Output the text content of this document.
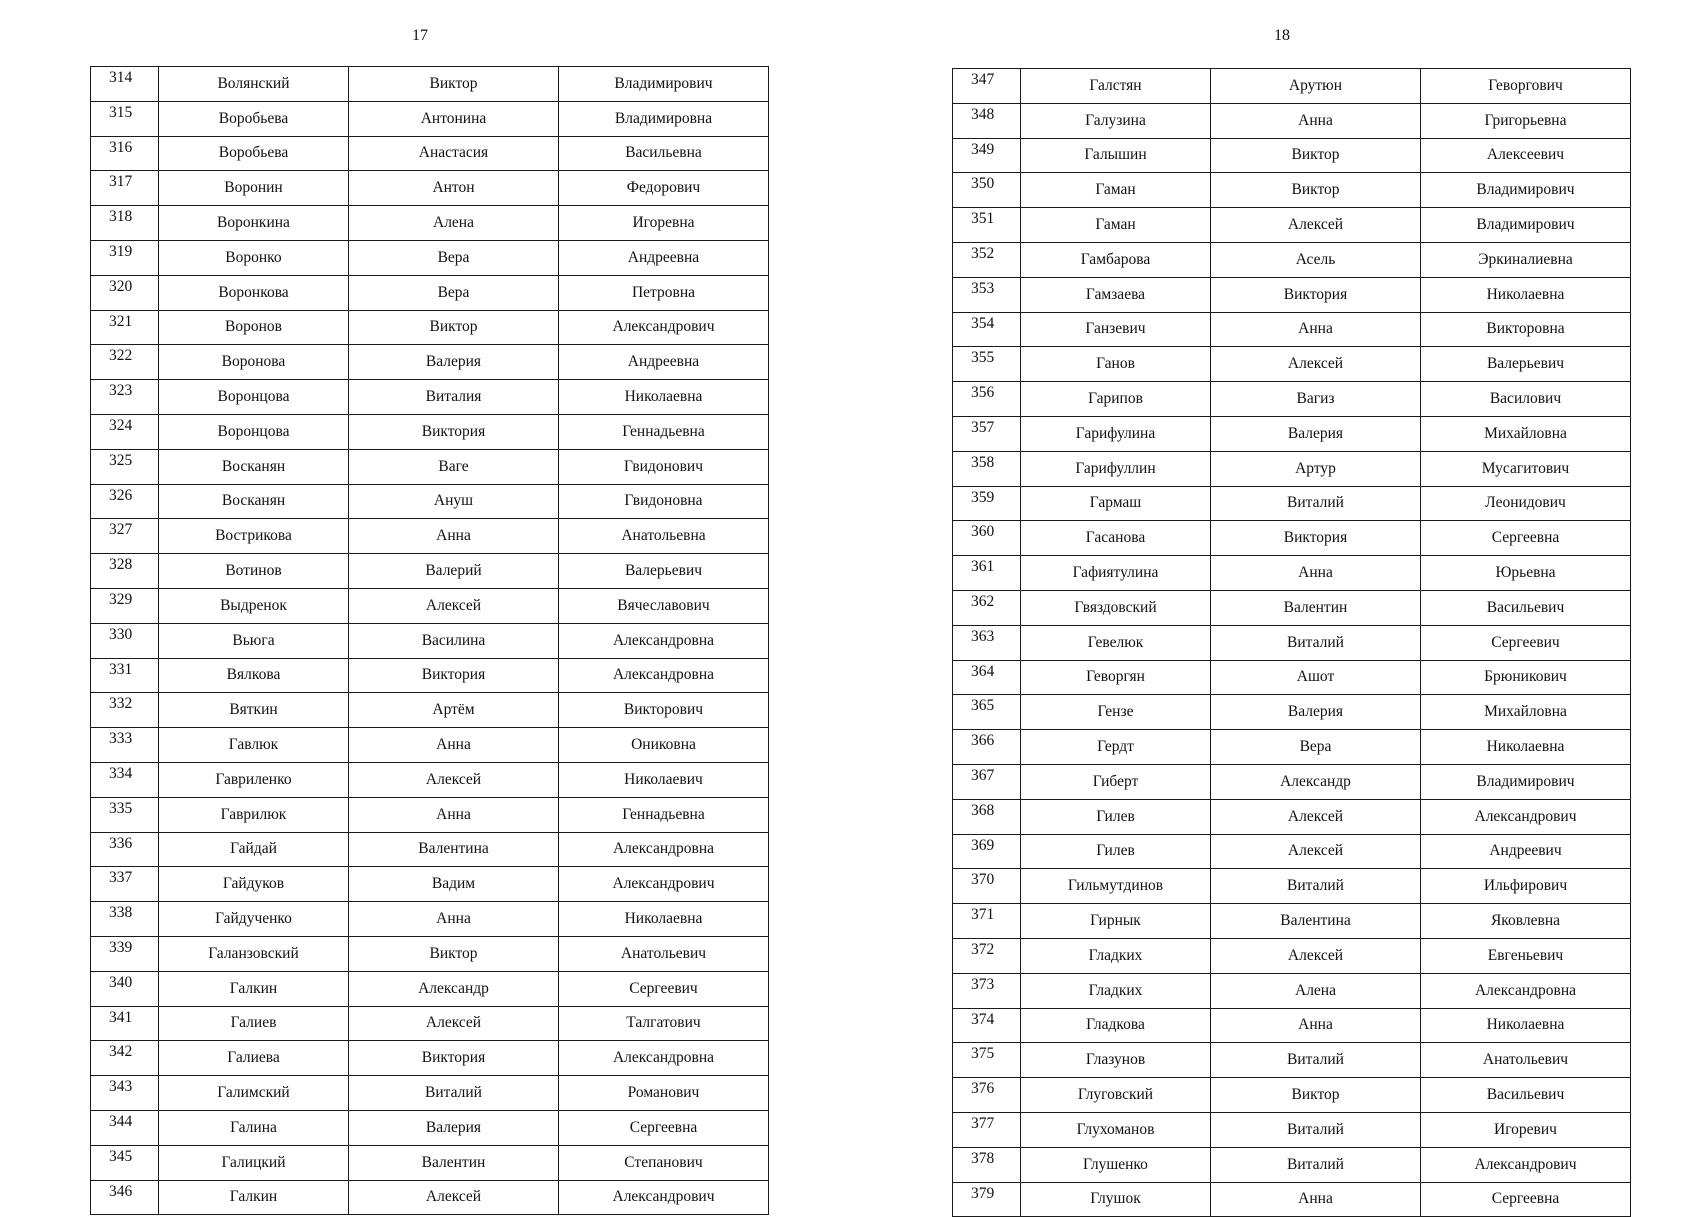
17	18
314	Волянский	Виктор	Владимирович
315	Воробьева	Антонина	Владимировна
316	Воробьева	Анастасия	Васильевна
317	Воронин	Антон	Федорович
318	Воронкина	Алена	Игоревна
319	Воронко	Вера	Андреевна
320	Воронкова	Вера	Петровна
321	Воронов	Виктор	Александрович
322	Воронова	Валерия	Андреевна
323	Воронцова	Виталия	Николаевна
324	Воронцова	Виктория	Геннадьевна
325	Восканян	Ваге	Гвидонович
326	Восканян	Ануш	Гвидоновна
327	Вострикова	Анна	Анатольевна
328	Вотинов	Валерий	Валерьевич
329	Выдренок	Алексей	Вячеславович
330	Вьюга	Василина	Александровна
331	Вялкова	Виктория	Александровна
332	Вяткин	Артём	Викторович
333	Гавлюк	Анна	Ониковна
334	Гавриленко	Алексей	Николаевич
335	Гаврилюк	Анна	Геннадьевна
336	Гайдай	Валентина	Александровна
337	Гайдуков	Вадим	Александрович
338	Гайдученко	Анна	Николаевна
339	Галанзовский	Виктор	Анатольевич
340	Галкин	Александр	Сергеевич
341	Галиев	Алексей	Талгатович
342	Галиева	Виктория	Александровна
343	Галимский	Виталий	Романович
344	Галина	Валерия	Сергеевна
345	Галицкий	Валентин	Степанович
346	Галкин	Алексей	Александрович
347	Галстян	Арутюн	Геворгович
348	Галузина	Анна	Григорьевна
349	Галышин	Виктор	Алексеевич
350	Гаман	Виктор	Владимирович
351	Гаман	Алексей	Владимирович
352	Гамбарова	Асель	Эркиналиевна
353	Гамзаева	Виктория	Николаевна
354	Ганзевич	Анна	Викторовна
355	Ганов	Алексей	Валерьевич
356	Гарипов	Вагиз	Василович
357	Гарифулина	Валерия	Михайловна
358	Гарифуллин	Артур	Мусагитович
359	Гармаш	Виталий	Леонидович
360	Гасанова	Виктория	Сергеевна
361	Гафиятулина	Анна	Юрьевна
362	Гвяздовский	Валентин	Васильевич
363	Гевелюк	Виталий	Сергеевич
364	Геворгян	Ашот	Брюникович
365	Гензе	Валерия	Михайловна
366	Гердт	Вера	Николаевна
367	Гиберт	Александр	Владимирович
368	Гилев	Алексей	Александрович
369	Гилев	Алексей	Андреевич
370	Гильмутдинов	Виталий	Ильфирович
371	Гирнык	Валентина	Яковлевна
372	Гладких	Алексей	Евгеньевич
373	Гладких	Алена	Александровна
374	Гладкова	Анна	Николаевна
375	Глазунов	Виталий	Анатольевич
376	Глуговский	Виктор	Васильевич
377	Глухоманов	Виталий	Игоревич
378	Глушенко	Виталий	Александрович
379	Глушок	Анна	Сергеевна
